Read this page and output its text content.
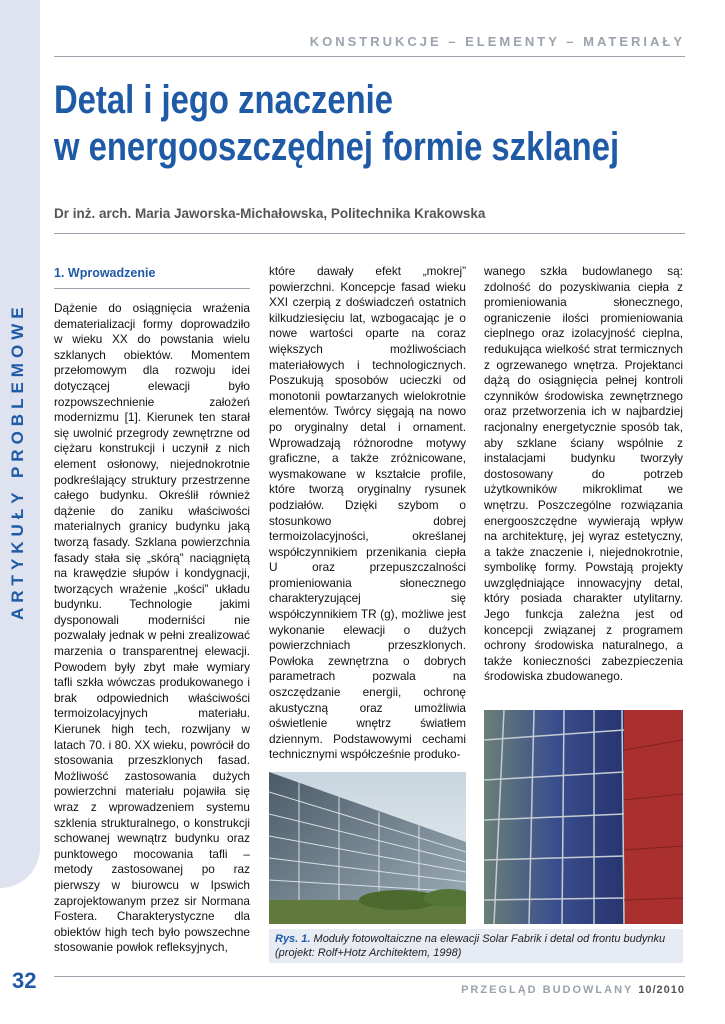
ARTYKUŁY PROBLEMOWE
KONSTRUKCJE – ELEMENTY – MATERIAŁY
Detal i jego znaczenie
w energooszczędnej formie szklanej
Dr inż. arch. Maria Jaworska-Michałowska, Politechnika Krakowska
1. Wprowadzenie

Dążenie do osiągnięcia wrażenia dematerializacji formy doprowadziło w wieku XX do powstania wielu szklanych obiektów. Momentem przełomowym dla rozwoju idei dotyczącej elewacji było rozpowszechnienie założeń modernizmu [1]. Kierunek ten starał się uwolnić przegrody zewnętrzne od ciężaru konstrukcji i uczynił z nich element osłonowy, niejednokrotnie podkreślający struktury przestrzenne całego budynku. Określił również dążenie do zaniku właściwości materialnych granicy budynku jaką tworzą fasady. Szklana powierzchnia fasady stała się „skórą” naciągniętą na krawędzie słupów i kondygnacji, tworzących wrażenie „kości” układu budynku. Technologie jakimi dysponowali moderniści nie pozwalały jednak w pełni zrealizować marzenia o transparentnej elewacji. Powodem były zbyt małe wymiary tafli szkła wówczas produkowanego i brak odpowiednich właściwości termoizolacyjnych materiału. Kierunek high tech, rozwijany w latach 70. i 80. XX wieku, powrócił do stosowania przeszklonych fasad. Możliwość zastosowania dużych powierzchni materiału pojawiła się wraz z wprowadzeniem systemu szklenia strukturalnego, o konstrukcji schowanej wewnątrz budynku oraz punktowego mocowania tafli – metody zastosowanej po raz pierwszy w biurowcu w Ipswich zaprojektowanym przez sir Normana Fostera. Charakterystyczne dla obiektów high tech było powszechne stosowanie powłok refleksyjnych,

które dawały efekt „mokrej” powierzchni. Koncepcje fasad wieku XXI czerpią z doświadczeń ostatnich kilkudziesięciu lat, wzbogacając je o nowe wartości oparte na coraz większych możliwościach materiałowych i technologicznych. Poszukują sposobów ucieczki od monotonii powtarzanych wielokrotnie elementów. Twórcy sięgają na nowo po oryginalny detal i ornament. Wprowadzają różnorodne motywy graficzne, a także zróżnicowane, wysmakowane w kształcie profile, które tworzą oryginalny rysunek podziałów. Dzięki szybom o stosunkowo dobrej termoizolacyjności, określanej współczynnikiem przenikania ciepła U oraz przepuszczalności promieniowania słonecznego charakteryzującej się współczynnikiem TR (g), możliwe jest wykonanie elewacji o dużych powierzchniach przeszklonych. Powłoka zewnętrzna o dobrych parametrach pozwala na oszczędzanie energii, ochronę akustyczną oraz umożliwia oświetlenie wnętrz światłem dziennym. Podstawowymi cechami technicznymi współcześnie produko-

wanego szkła budowlanego są: zdolność do pozyskiwania ciepła z promieniowania słonecznego, ograniczenie ilości promieniowania cieplnego oraz izolacyjność cieplna, redukująca wielkość strat termicznych z ogrzewanego wnętrza. Projektanci dążą do osiągnięcia pełnej kontroli czynników środowiska zewnętrznego oraz przetworzenia ich w najbardziej racjonalny energetycznie sposób tak, aby szklane ściany wspólnie z instalacjami budynku tworzyły dostosowany do potrzeb użytkowników mikroklimat we wnętrzu. Poszczególne rozwiązania energooszczędne wywierają wpływ na architekturę, jej wyraz estetyczny, a także znaczenie i, niejednokrotnie, symbolikę formy. Powstają projekty uwzględniające innowacyjny detal, który posiada charakter utylitarny. Jego funkcja zależna jest od koncepcji związanej z programem ochrony środowiska naturalnego, a także konieczności zabezpieczenia środowiska zbudowanego.

Rys. 1. Moduły fotowoltaiczne na elewacji Solar Fabrik i detal od frontu budynku (projekt: Rolf+Hotz Architektem, 1998)
32	PRZEGLĄD BUDOWLANY 10/2010
